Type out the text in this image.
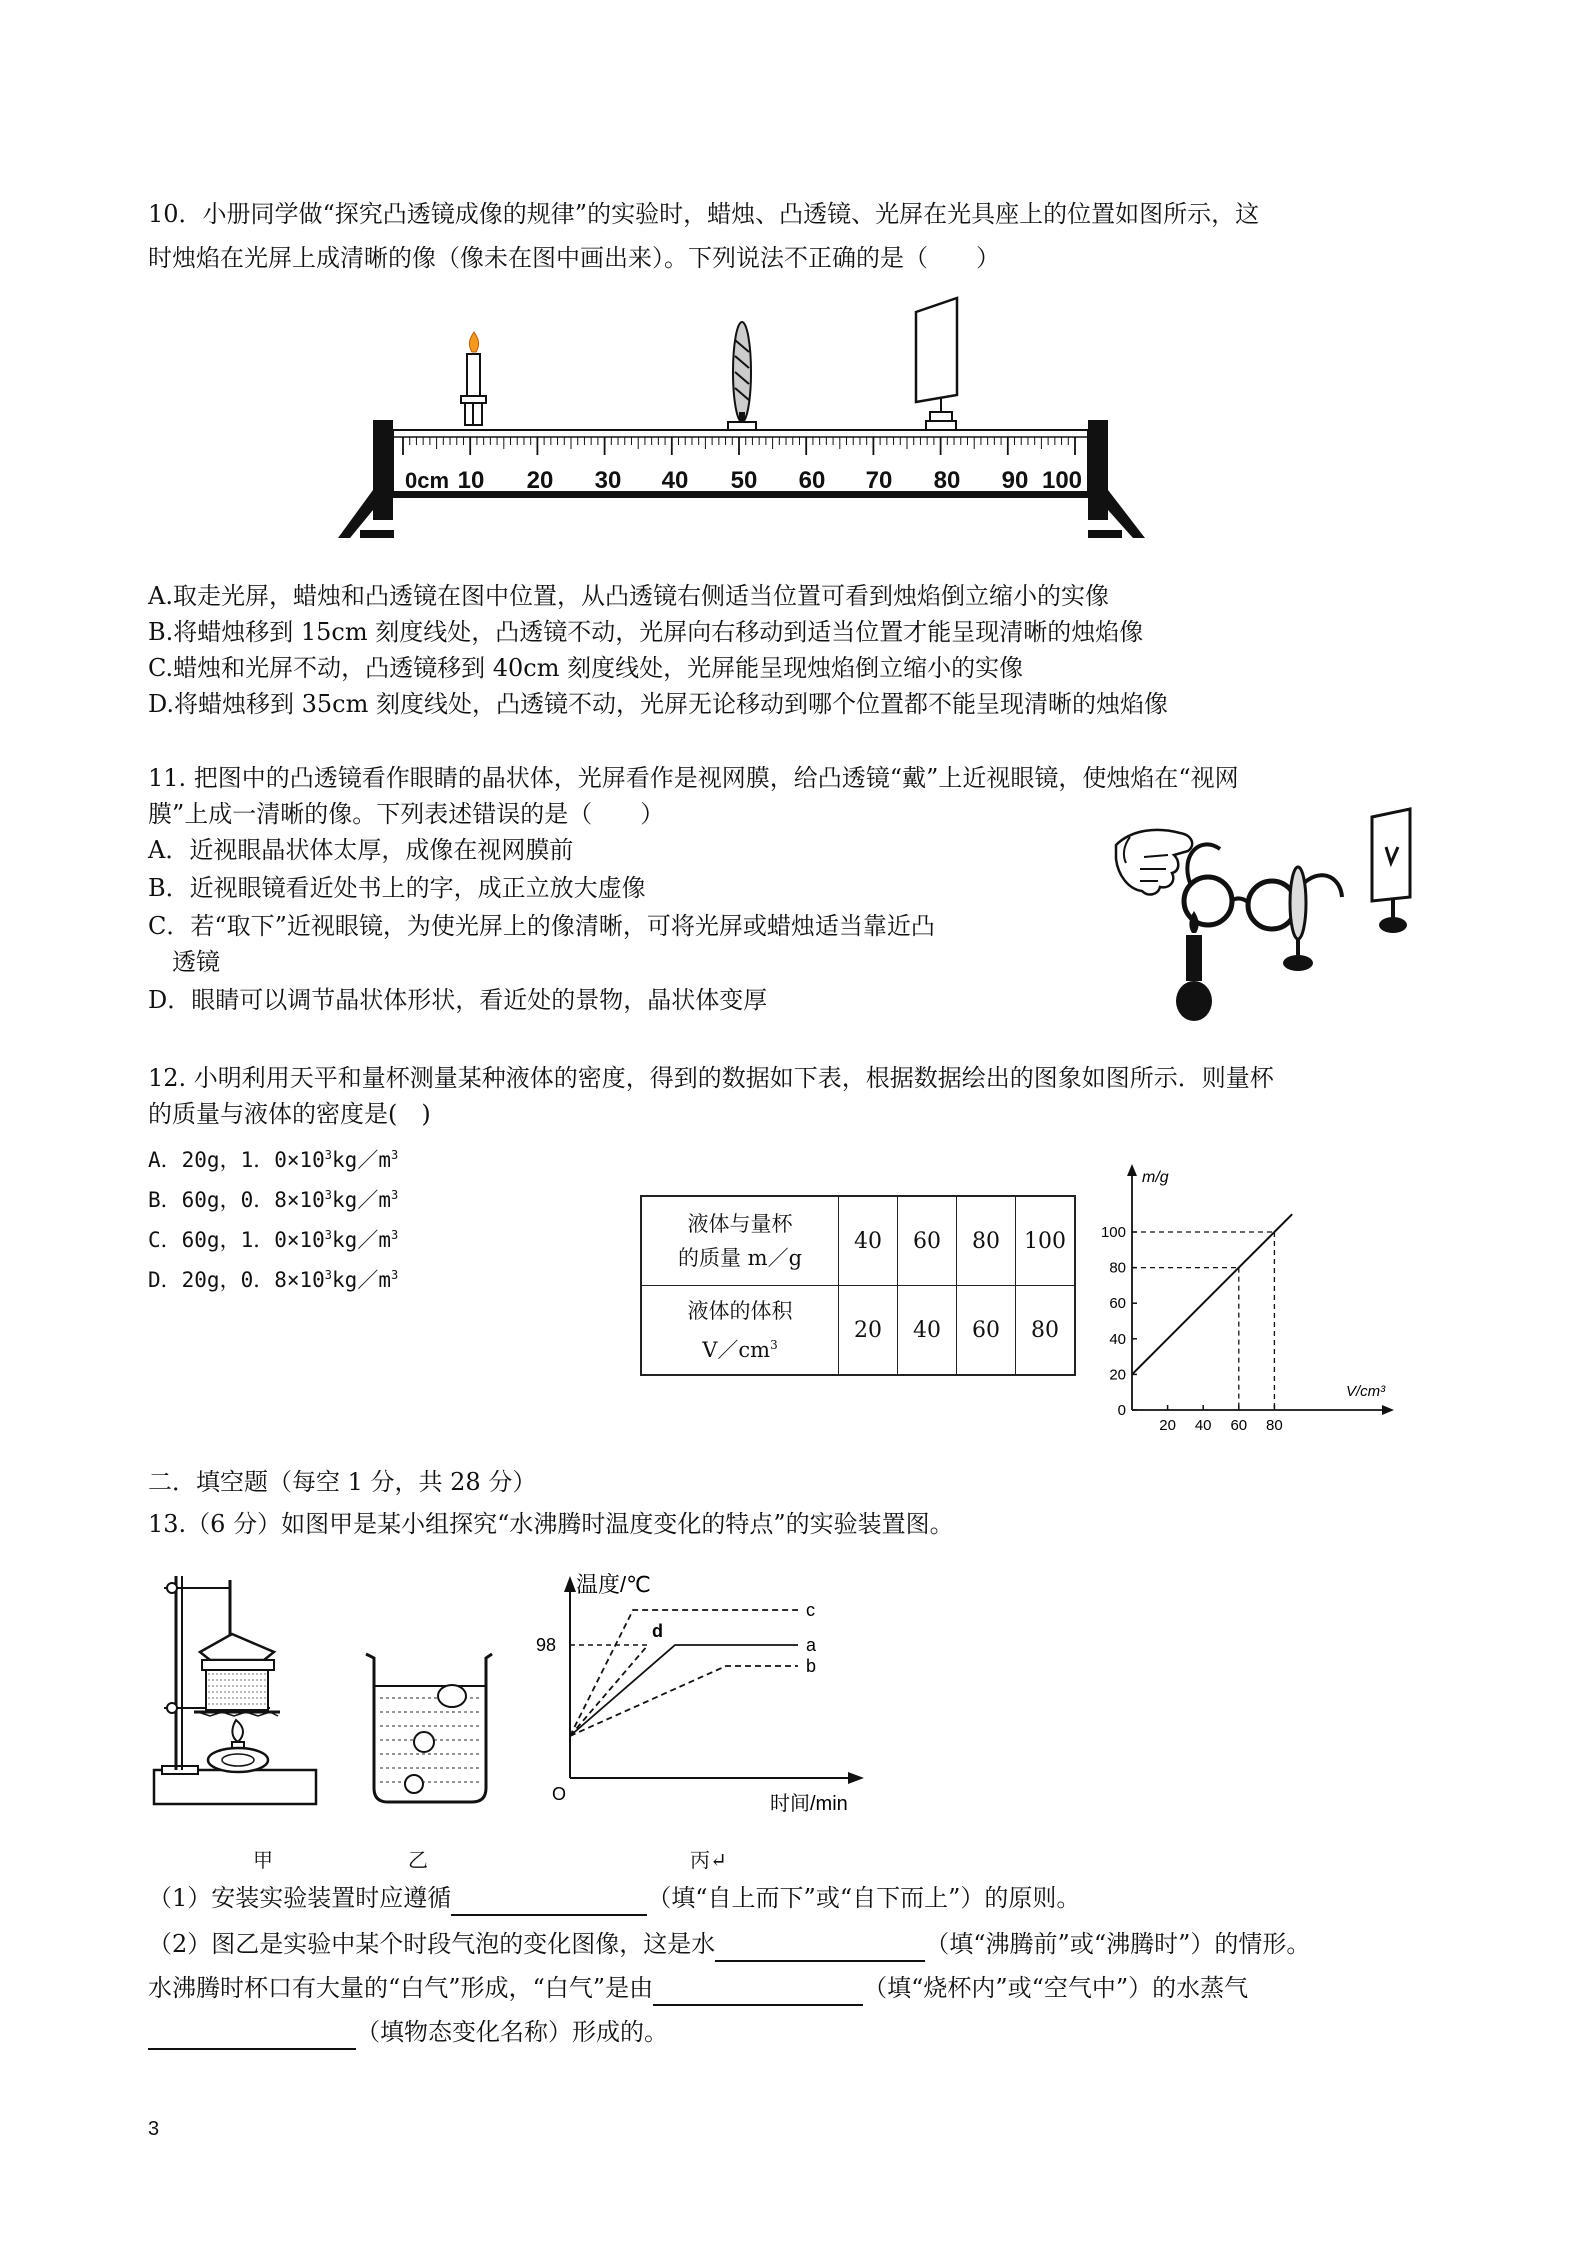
10．小册同学做“探究凸透镜成像的规律”的实验时，蜡烛、凸透镜、光屏在光具座上的位置如图所示，这
时烛焰在光屏上成清晰的像（像未在图中画出来）。下列说法不正确的是（　　）
0cm 10 20 30 40 50 60 70 80 90 100
A.取走光屏，蜡烛和凸透镜在图中位置，从凸透镜右侧适当位置可看到烛焰倒立缩小的实像
B.将蜡烛移到 15cm 刻度线处，凸透镜不动，光屏向右移动到适当位置才能呈现清晰的烛焰像
C.蜡烛和光屏不动，凸透镜移到 40cm 刻度线处，光屏能呈现烛焰倒立缩小的实像
D.将蜡烛移到 35cm 刻度线处，凸透镜不动，光屏无论移动到哪个位置都不能呈现清晰的烛焰像
11. 把图中的凸透镜看作眼睛的晶状体，光屏看作是视网膜，给凸透镜“戴”上近视眼镜，使烛焰在“视网
膜”上成一清晰的像。下列表述错误的是（　　）
A．近视眼晶状体太厚，成像在视网膜前
B．近视眼镜看近处书上的字，成正立放大虚像
C．若“取下”近视眼镜，为使光屏上的像清晰，可将光屏或蜡烛适当靠近凸
透镜
D．眼睛可以调节晶状体形状，看近处的景物，晶状体变厚
12. 小明利用天平和量杯测量某种液体的密度，得到的数据如下表，根据数据绘出的图象如图所示．则量杯
的质量与液体的密度是(　)
A．20g，1．$0\times 10^3kg/m^3$
B．60g，0．$8\times 10^3kg/m^3$
C．60g，1．$0\times 10^3kg/m^3$
D．20g，0．$8\times 10^3kg/m^3$
液体与量杯
的质量 m／g	40	60	80	100
液体的体积
$V/cm^3$	20	40	60	80
m/g
V/cm³
0
20
40
60
80
100
20 40 60 80
二．填空题（每空 1 分，共 28 分）
13.（6 分）如图甲是某小组探究“水沸腾时温度变化的特点”的实验装置图。
温度/℃
时间/min
O
98	a
b
c
d
甲	乙	丙↵
（1）安装实验装置时应遵循	（填“自上而下”或“自下而上”）的原则。
（2）图乙是实验中某个时段气泡的变化图像，这是水	（填“沸腾前”或“沸腾时”）的情形。
水沸腾时杯口有大量的“白气”形成，“白气”是由	（填“烧杯内”或“空气中”）的水蒸气
（填物态变化名称）形成的。
3
